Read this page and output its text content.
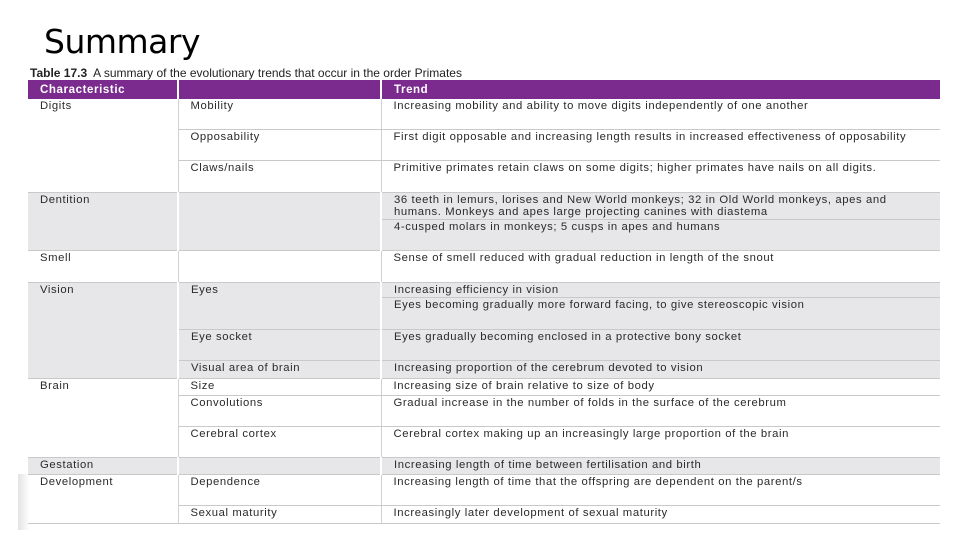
Summary
Table 17.3 A summary of the evolutionary trends that occur in the order Primates
Characteristic		Trend
Digits	Mobility	Increasing mobility and ability to move digits independently of one another

	Opposability	First digit opposable and increasing length results in increased effectiveness of opposability

	Claws/nails	Primitive primates retain claws on some digits; higher primates have nails on all digits.

Dentition		36 teeth in lemurs, lorises and New World monkeys; 32 in Old World monkeys, apes and humans. Monkeys and apes large projecting canines with diastema
4-cusped molars in monkeys; 5 cusps in apes and humans

Smell		Sense of smell reduced with gradual reduction in length of the snout

Vision	Eyes	Increasing efficiency in vision
Eyes becoming gradually more forward facing, to give stereoscopic vision

	Eye socket	Eyes gradually becoming enclosed in a protective bony socket

	Visual area of brain	Increasing proportion of the cerebrum devoted to vision

Brain	Size	Increasing size of brain relative to size of body

	Convolutions	Gradual increase in the number of folds in the surface of the cerebrum

	Cerebral cortex	Cerebral cortex making up an increasingly large proportion of the brain

Gestation		Increasing length of time between fertilisation and birth

Development	Dependence	Increasing length of time that the offspring are dependent on the parent/s

	Sexual maturity	Increasingly later development of sexual maturity
